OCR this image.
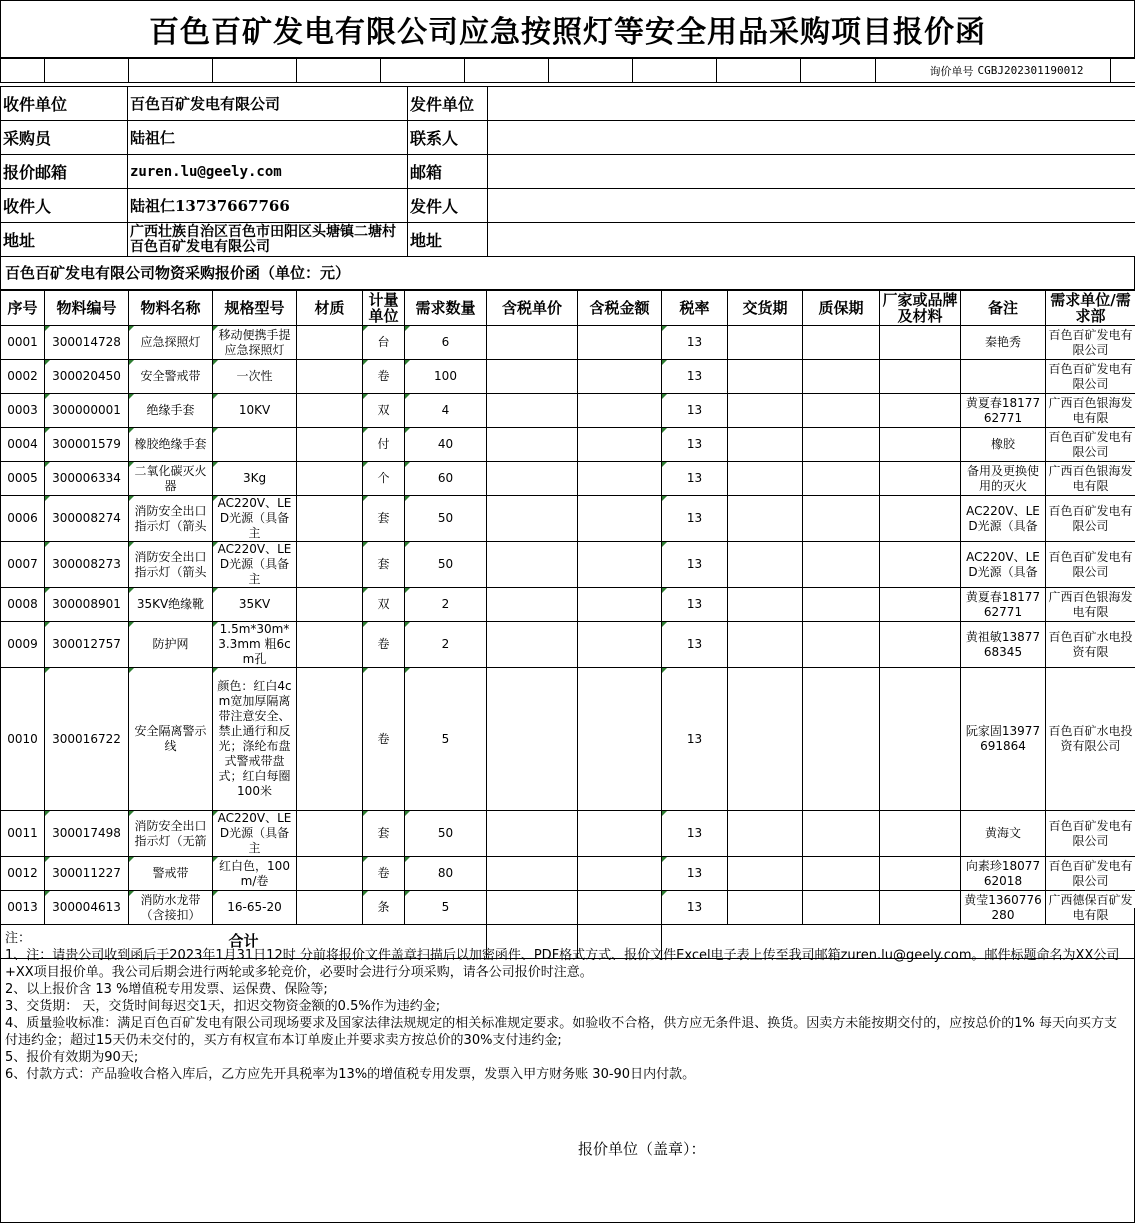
百色百矿发电有限公司应急按照灯等安全用品采购项目报价函
											询价单号	CGBJ202301190012		
收件单位	百色百矿发电有限公司	发件单位	
采购员	陆祖仁	联系人	
报价邮箱	zuren.lu@geely.com	邮箱	
收件人	陆祖仁13737667766	发件人	
地址	广西壮族自治区百色市田阳区头塘镇二塘村百色百矿发电有限公司	地址	
百色百矿发电有限公司物资采购报价函（单位：元）
序号	物料编号	物料名称	规格型号	材质	计量单位	需求数量	含税单价	含税金额	税率	交货期	质保期	厂家或品牌及材料	备注	需求单位/需求部
0001	300014728	应急探照灯	移动便携手提应急探照灯		台	6			13				秦艳秀	百色百矿发电有限公司
0002	300020450	安全警戒带	一次性		卷	100			13					百色百矿发电有限公司
0003	300000001	绝缘手套	10KV		双	4			13				黄夏春1817762771	广西百色银海发电有限
0004	300001579	橡胶绝缘手套			付	40			13				橡胶	百色百矿发电有限公司
0005	300006334	二氧化碳灭火器	3Kg		个	60			13				备用及更换使用的灭火	广西百色银海发电有限
0006	300008274	消防安全出口指示灯（箭头	AC220V、LED光源（具备主		套	50			13				AC220V、LED光源（具备	百色百矿发电有限公司
0007	300008273	消防安全出口指示灯（箭头	AC220V、LED光源（具备主		套	50			13				AC220V、LED光源（具备	百色百矿发电有限公司
0008	300008901	35KV绝缘靴	35KV		双	2			13				黄夏春1817762771	广西百色银海发电有限
0009	300012757	防护网	1.5m*30m*3.3mm 粗6cm孔		卷	2			13				黄祖敏1387768345	百色百矿水电投资有限
0010	300016722	安全隔离警示线	颜色：红白4cm宽加厚隔离带注意安全、禁止通行和反光；涤纶布盘式警戒带盘式；红白每圈100米		卷	5			13				阮家固13977691864	百色百矿水电投资有限公司
0011	300017498	消防安全出口指示灯（无箭	AC220V、LED光源（具备主		套	50			13				黄海文	百色百矿发电有限公司
0012	300011227	警戒带	红白色，100m/卷		卷	80			13				向素珍1807762018	百色百矿发电有限公司
0013	300004613	消防水龙带（含接扣）	16-65-20		条	5			13				黄莹1360776280	广西德保百矿发电有限
合计														

注：

1、注：请贵公司收到函后于2023年1月31日12时 分前将报价文件盖章扫描后以加密函件、PDF格式方式、报价文件Excel电子表上传至我司邮箱zuren.lu@geely.com。邮件标题命名为XX公司+XX项目报价单。我公司后期会进行两轮或多轮竞价，必要时会进行分项采购，请各公司报价时注意。

2、以上报价含 13 %增值税专用发票、运保费、保险等;

3、交货期： 天，交货时间每迟交1天，扣迟交物资金额的0.5%作为违约金;

4、质量验收标准：满足百色百矿发电有限公司现场要求及国家法律法规规定的相关标准规定要求。如验收不合格，供方应无条件退、换货。因卖方未能按期交付的，应按总价的1% 每天向买方支付违约金；超过15天仍未交付的，买方有权宣布本订单废止并要求卖方按总价的30%支付违约金;

5、报价有效期为90天;

6、付款方式：产品验收合格入库后，乙方应先开具税率为13%的增值税专用发票，发票入甲方财务账 30-90日内付款。

报价单位（盖章）：
